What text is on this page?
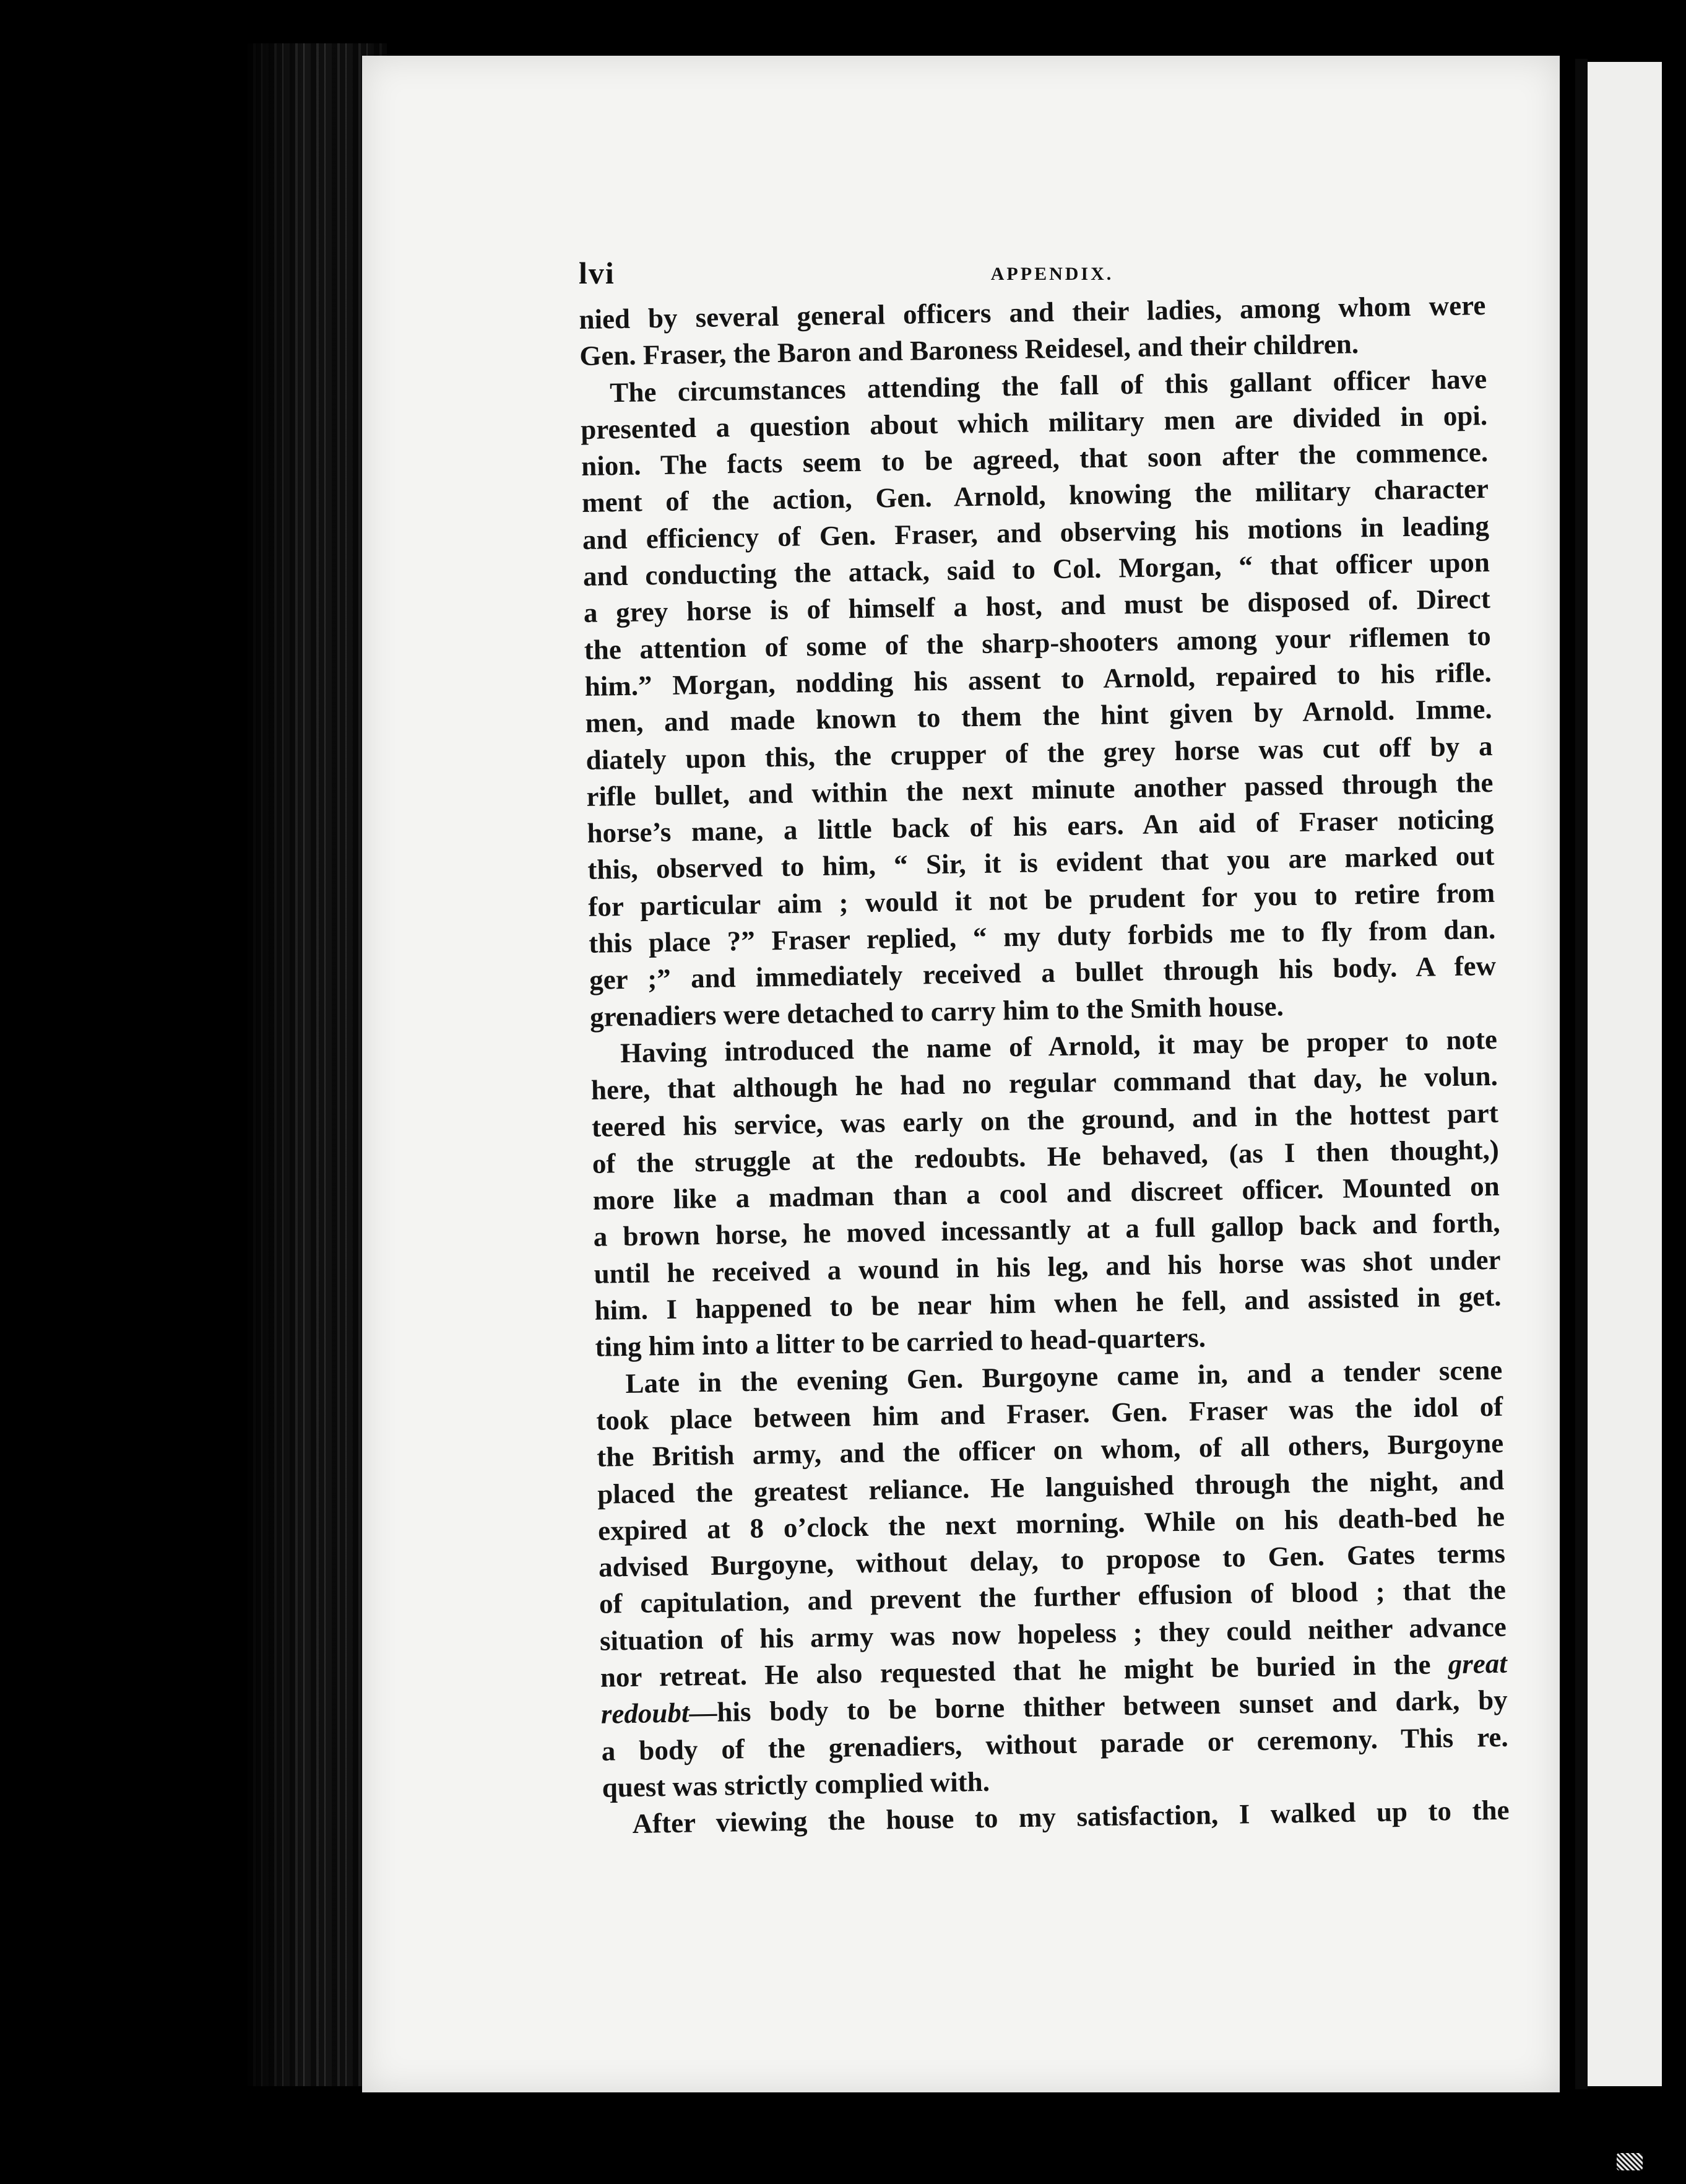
lvi	APPENDIX.
nied by several general officers and their ladies, among whom were
Gen. Fraser, the Baron and Baroness Reidesel, and their children.
The circumstances attending the fall of this gallant officer have
presented a question about which military men are divided in opi.
nion. The facts seem to be agreed, that soon after the commence.
ment of the action, Gen. Arnold, knowing the military character
and efficiency of Gen. Fraser, and observing his motions in leading
and conducting the attack, said to Col. Morgan, “ that officer upon
a grey horse is of himself a host, and must be disposed of. Direct
the attention of some of the sharp-shooters among your riflemen to
him.” Morgan, nodding his assent to Arnold, repaired to his rifle.
men, and made known to them the hint given by Arnold. Imme.
diately upon this, the crupper of the grey horse was cut off by a
rifle bullet, and within the next minute another passed through the
horse’s mane, a little back of his ears. An aid of Fraser noticing
this, observed to him, “ Sir, it is evident that you are marked out
for particular aim ; would it not be prudent for you to retire from
this place ?” Fraser replied, “ my duty forbids me to fly from dan.
ger ;” and immediately received a bullet through his body. A few
grenadiers were detached to carry him to the Smith house.
Having introduced the name of Arnold, it may be proper to note
here, that although he had no regular command that day, he volun.
teered his service, was early on the ground, and in the hottest part
of the struggle at the redoubts. He behaved, (as I then thought,)
more like a madman than a cool and discreet officer. Mounted on
a brown horse, he moved incessantly at a full gallop back and forth,
until he received a wound in his leg, and his horse was shot under
him. I happened to be near him when he fell, and assisted in get.
ting him into a litter to be carried to head-quarters.
Late in the evening Gen. Burgoyne came in, and a tender scene
took place between him and Fraser. Gen. Fraser was the idol of
the British army, and the officer on whom, of all others, Burgoyne
placed the greatest reliance. He languished through the night, and
expired at 8 o’clock the next morning. While on his death-bed he
advised Burgoyne, without delay, to propose to Gen. Gates terms
of capitulation, and prevent the further effusion of blood ; that the
situation of his army was now hopeless ; they could neither advance
nor retreat. He also requested that he might be buried in the great
redoubt—his body to be borne thither between sunset and dark, by
a body of the grenadiers, without parade or ceremony. This re.
quest was strictly complied with.
After viewing the house to my satisfaction, I walked up to the
